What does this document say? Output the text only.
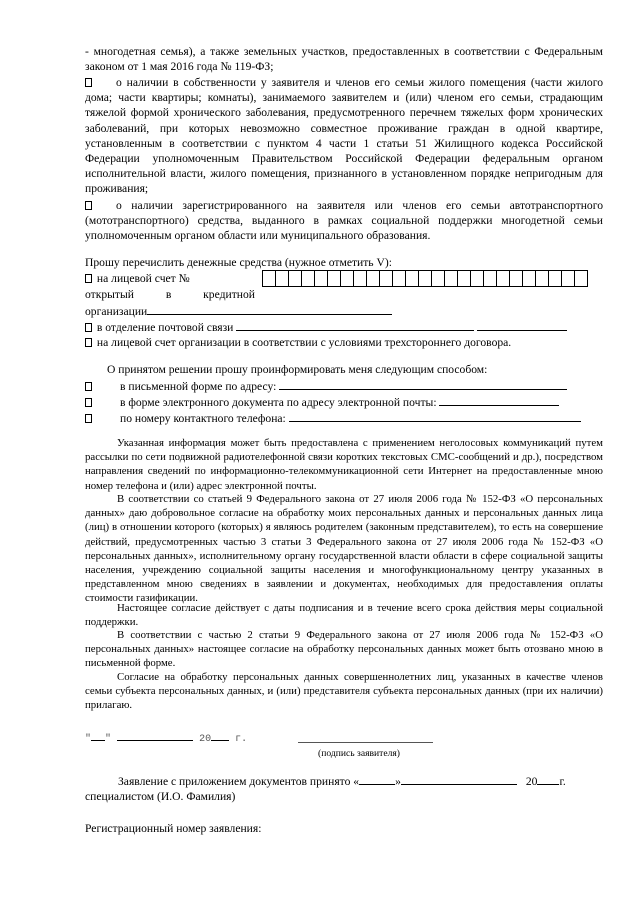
- многодетная семья), а также земельных участков, предоставленных в соответствии с Федеральным законом от 1 мая 2016 года № 119-ФЗ;

о наличии в собственности у заявителя и членов его семьи жилого помещения (части жилого дома; части квартиры; комнаты), занимаемого заявителем и (или) членом его семьи, страдающим тяжелой формой хронического заболевания, предусмотренного перечнем тяжелых форм хронических заболеваний, при которых невозможно совместное проживание граждан в одной квартире, установленным в соответствии с пунктом 4 части 1 статьи 51 Жилищного кодекса Российской Федерации уполномоченным Правительством Российской Федерации федеральным органом исполнительной власти, жилого помещения, признанного в установленном порядке непригодным для проживания;

о наличии зарегистрированного на заявителя или членов его семьи автотранспортного (мототранспортного) средства, выданного в рамках социальной поддержки многодетной семьи уполномоченным органом области или муниципального образования.

Прошу перечислить денежные средства (нужное отметить V):
на лицевой счет №
открытый	в	кредитной
организации
в отделение почтовой связи
на лицевой счет организации в соответствии с условиями трехстороннего договора.
О принятом решении прошу проинформировать меня следующим способом:
в письменной форме по адресу:
в форме электронного документа по адресу электронной почты:
по номеру контактного телефона:

Указанная информация может быть предоставлена с применением неголосовых коммуникаций путем рассылки по сети подвижной радиотелефонной связи коротких текстовых СМС-сообщений и др.), посредством направления сведений по информационно-телекоммуникационной сети Интернет на предоставленные мною номер телефона и (или) адрес электронной почты.

В соответствии со статьей 9 Федерального закона от 27 июля 2006 года № 152-ФЗ «О персональных данных» даю добровольное согласие на обработку моих персональных данных и персональных данных лица (лиц) в отношении которого (которых) я являюсь родителем (законным представителем), то есть на совершение действий, предусмотренных частью 3 статьи 3 Федерального закона от 27 июля 2006 года № 152-ФЗ «О персональных данных», исполнительному органу государственной власти области в сфере социальной защиты населения, учреждению социальной защиты населения и многофункциональному центру указанных в представленном мною сведениях в заявлении и документах, необходимых для предоставления оплаты стоимости газификации.

Настоящее согласие действует с даты подписания и в течение всего срока действия меры социальной поддержки.

В соответствии с частью 2 статьи 9 Федерального закона от 27 июля 2006 года № 152-ФЗ «О персональных данных» настоящее согласие на обработку персональных данных может быть отозвано мною в письменной форме.

Согласие на обработку персональных данных совершеннолетних лиц, указанных в качестве членов семьи субъекта персональных данных, и (или) представителя субъекта персональных данных (при их наличии) прилагаю.

" "	20 г.
(подпись заявителя)
Заявление с приложением документов принято «	»	20 г.
специалистом (И.О. Фамилия)
Регистрационный номер заявления:
